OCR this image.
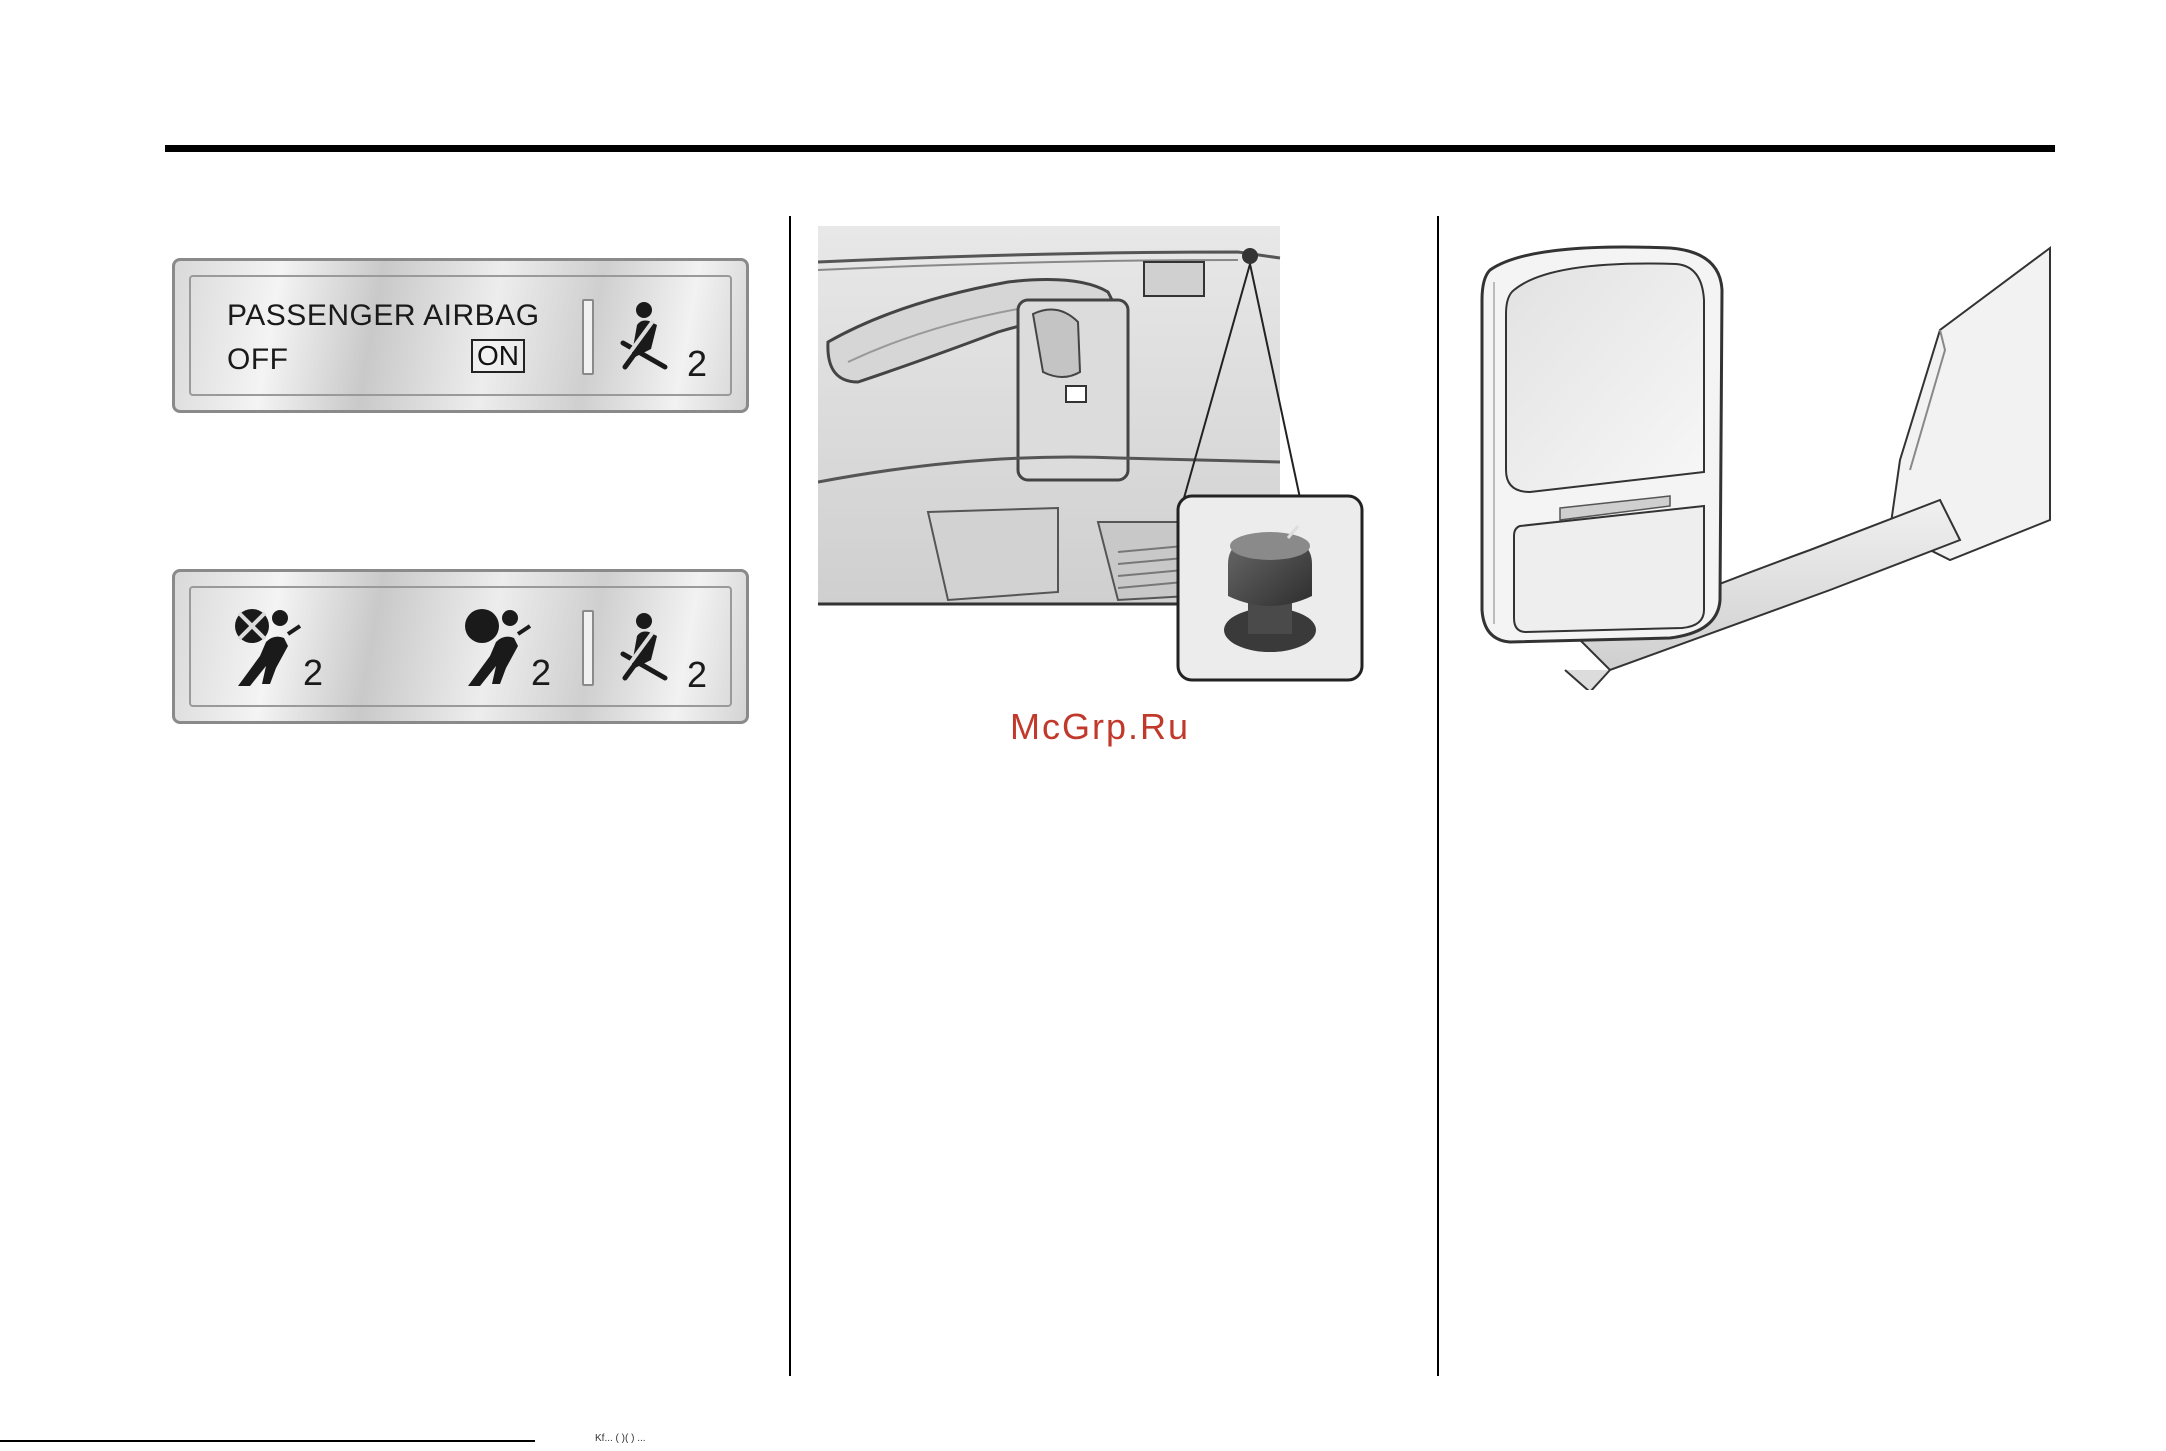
PASSENGER AIRBAG
OFF	ON	2
2	2	2
McGrp.Ru
Kf... ( )( ) ...
